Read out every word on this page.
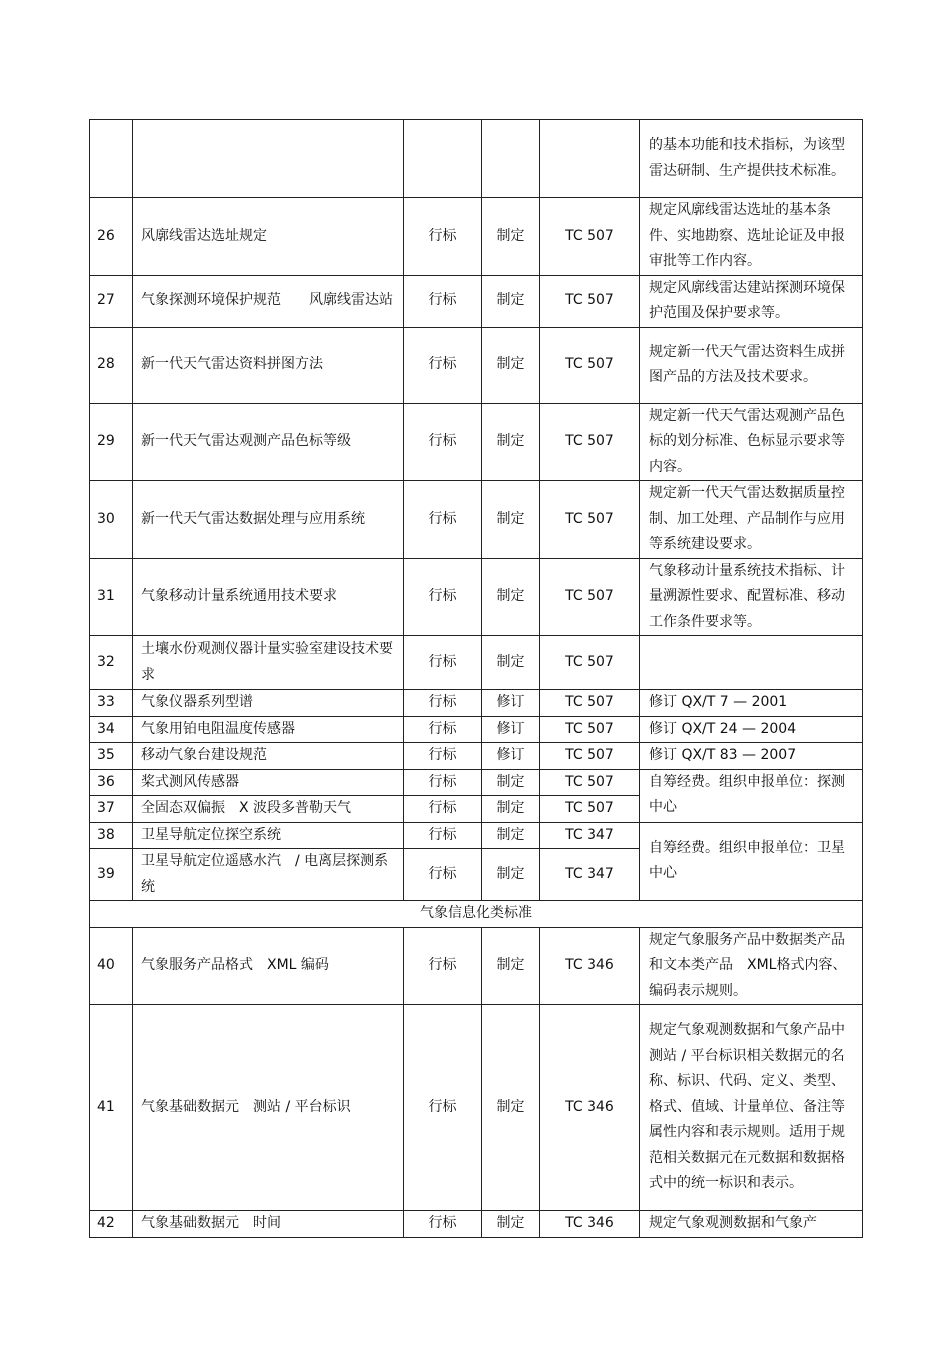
					的基本功能和技术指标，为该型雷达研制、生产提供技术标准。
26	风廓线雷达选址规定	行标	制定	TC 507	规定风廓线雷达选址的基本条件、实地勘察、选址论证及申报审批等工作内容。
27	气象探测环境保护规范　　风廓线雷达站	行标	制定	TC 507	规定风廓线雷达建站探测环境保护范围及保护要求等。
28	新一代天气雷达资料拼图方法	行标	制定	TC 507	规定新一代天气雷达资料生成拼图产品的方法及技术要求。
29	新一代天气雷达观测产品色标等级	行标	制定	TC 507	规定新一代天气雷达观测产品色标的划分标准、色标显示要求等内容。
30	新一代天气雷达数据处理与应用系统	行标	制定	TC 507	规定新一代天气雷达数据质量控制、加工处理、产品制作与应用等系统建设要求。
31	气象移动计量系统通用技术要求	行标	制定	TC 507	气象移动计量系统技术指标、计量溯源性要求、配置标准、移动工作条件要求等。
32	土壤水份观测仪器计量实验室建设技术要求	行标	制定	TC 507	
33	气象仪器系列型谱	行标	修订	TC 507	修订 QX/T 7 — 2001
34	气象用铂电阻温度传感器	行标	修订	TC 507	修订 QX/T 24 — 2004
35	移动气象台建设规范	行标	修订	TC 507	修订 QX/T 83 — 2007
36	桨式测风传感器	行标	制定	TC 507	自筹经费。组织申报单位：探测中心
37	全固态双偏振　X 波段多普勒天气	行标	制定	TC 507	
38	卫星导航定位探空系统	行标	制定	TC 347	自筹经费。组织申报单位：卫星中心
39	卫星导航定位遥感水汽　/ 电离层探测系统	行标	制定	TC 347	
气象信息化类标准					
40	气象服务产品格式　XML 编码	行标	制定	TC 346	规定气象服务产品中数据类产品和文本类产品　XML格式内容、编码表示规则。
41	气象基础数据元　测站 / 平台标识	行标	制定	TC 346	规定气象观测数据和气象产品中测站 / 平台标识相关数据元的名称、标识、代码、定义、类型、格式、值域、计量单位、备注等属性内容和表示规则。适用于规范相关数据元在元数据和数据格式中的统一标识和表示。
42	气象基础数据元　时间	行标	制定	TC 346	规定气象观测数据和气象产
